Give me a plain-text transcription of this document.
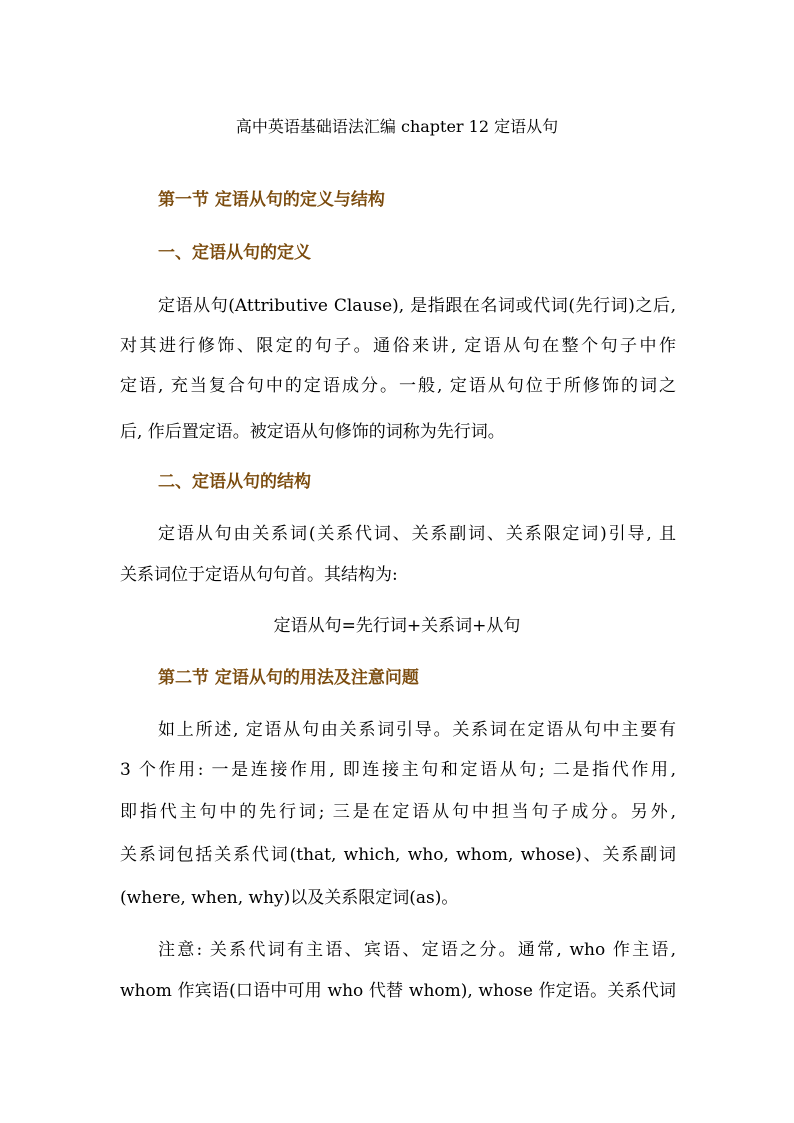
高中英语基础语法汇编 chapter 12 定语从句
第一节 定语从句的定义与结构
一、定语从句的定义
定语从句(Attributive Clause), 是指跟在名词或代词(先行词)之后,
对其进行修饰、限定的句子。通俗来讲, 定语从句在整个句子中作
定语, 充当复合句中的定语成分。一般, 定语从句位于所修饰的词之
后, 作后置定语。被定语从句修饰的词称为先行词。
二、定语从句的结构
定语从句由关系词(关系代词、关系副词、关系限定词)引导, 且
关系词位于定语从句句首。其结构为:
定语从句=先行词+关系词+从句
第二节 定语从句的用法及注意问题
如上所述, 定语从句由关系词引导。关系词在定语从句中主要有
3 个作用: 一是连接作用, 即连接主句和定语从句; 二是指代作用,
即指代主句中的先行词; 三是在定语从句中担当句子成分。另外,
关系词包括关系代词(that, which, who, whom, whose)、关系副词
(where, when, why)以及关系限定词(as)。
注意: 关系代词有主语、宾语、定语之分。通常, who 作主语,
whom 作宾语(口语中可用 who 代替 whom), whose 作定语。关系代词
